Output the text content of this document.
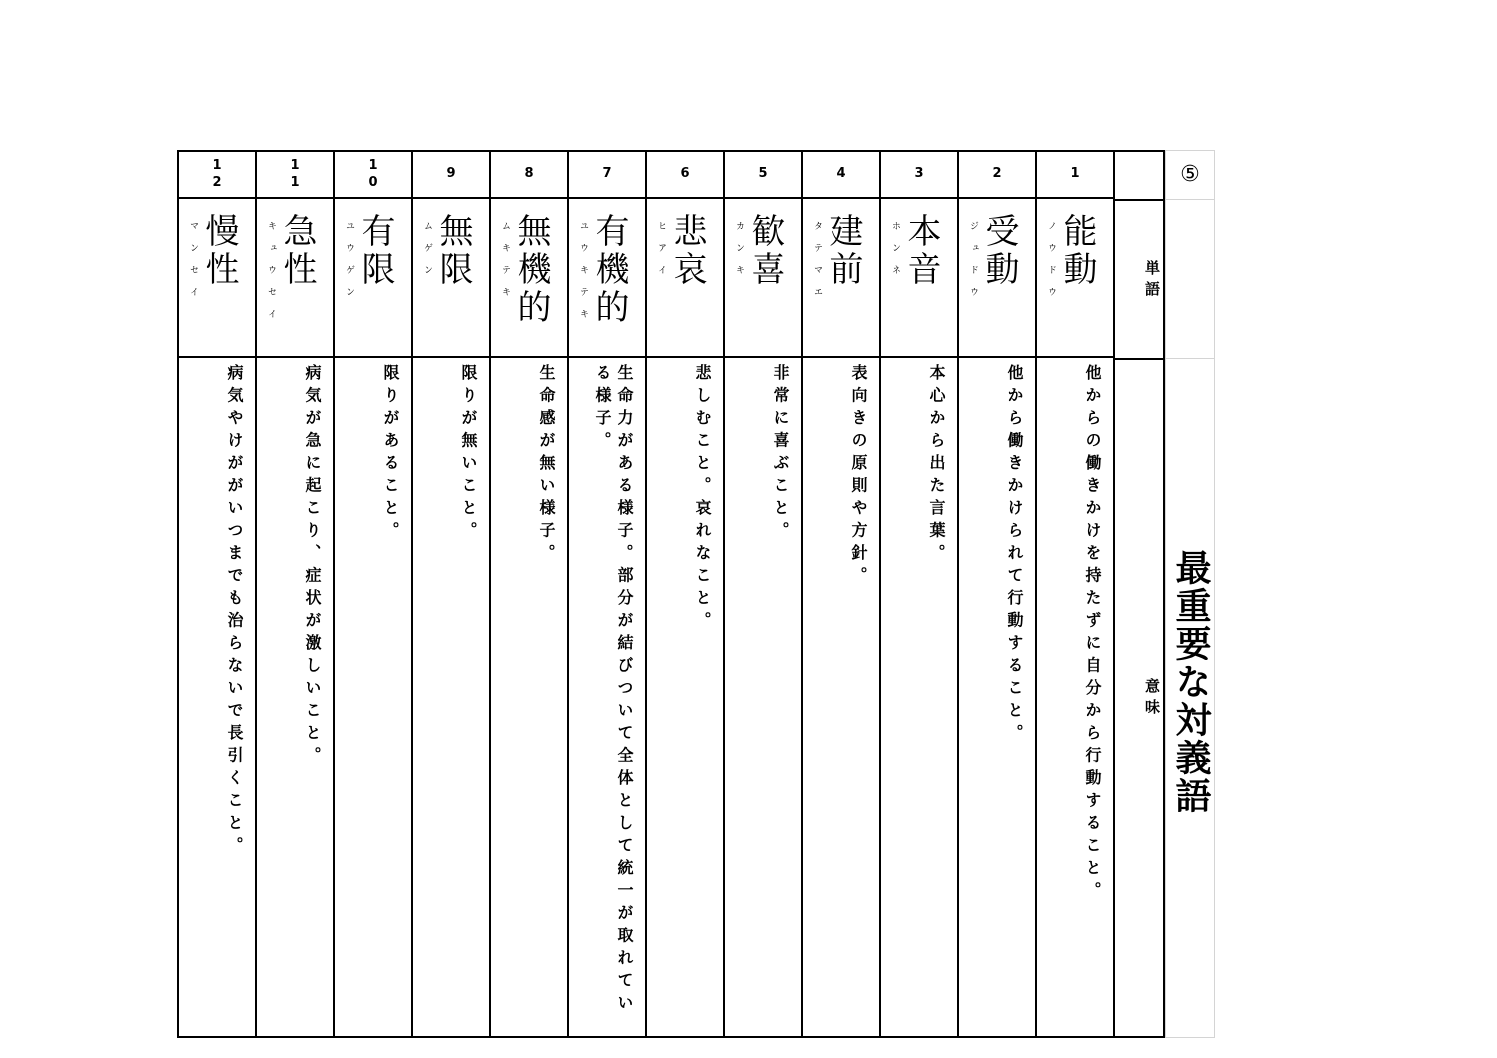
12
慢性
マンセイ
病気やけががいつまでも治らないで長引くこと。
11
急性
キュウセイ
病気が急に起こり、症状が激しいこと。
10
有限
ユウゲン
限りがあること。
9
無限
ムゲン
限りが無いこと。
8
無機的
ムキテキ
生命感が無い様子。
7
有機的
ユウキテキ
生命力がある様子。部分が結びついて全体として統一が取れている様子。
6
悲哀
ヒアイ
悲しむこと。哀れなこと。
5
歓喜
カンキ
非常に喜ぶこと。
4
建前
タテマエ
表向きの原則や方針。
3
本音
ホンネ
本心から出た言葉。
2
受動
ジュドウ
他から働きかけられて行動すること。
1
能動
ノウドウ
他からの働きかけを持たずに自分から行動すること。
単語
意味
⑤
最重要な対義語
